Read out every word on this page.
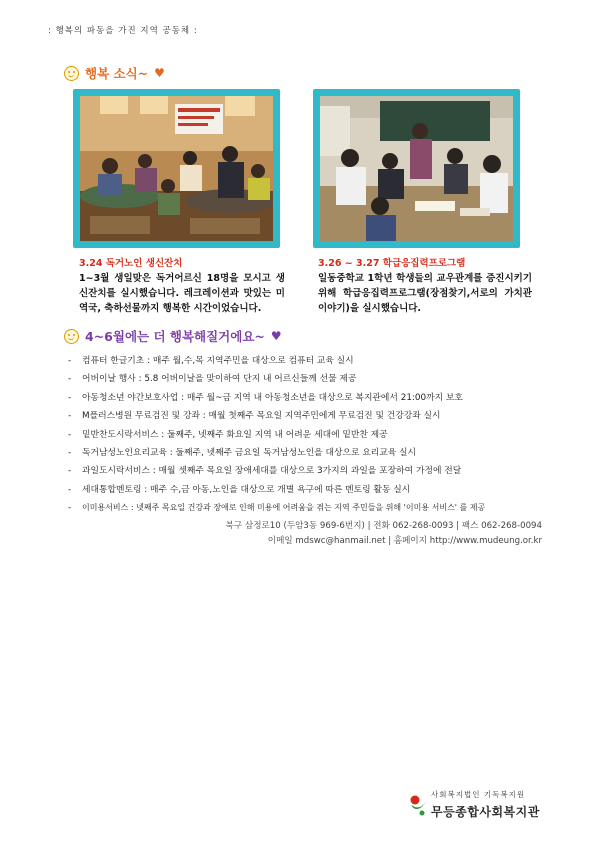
: 행복의 파동을 가진 지역 공동체 :
행복 소식~ ♥
3.24 독거노인 생신잔치
1~3월 생일맞은 독거어르신 18명을 모시고 생신잔치를 실시했습니다. 레크레이션과 맛있는 미역국, 축하선물까지 행복한 시간이었습니다.
3.26 ~ 3.27 학급응집력프로그램
일동중학교 1학년 학생들의 교우관계를 증진시키기 위해 학급응집력프로그램(장점찾기,서로의 가치관이야기)을 실시했습니다.
4~6월에는 더 행복해질거에요~ ♥
-	컴퓨터 한글기초 : 매주 월,수,목 지역주민을 대상으로 컴퓨터 교육 실시
-	어버이날 행사 : 5.8 어버이날을 맞이하여 단지 내 어르신들께 선물 제공
-	아동청소년 야간보호사업 : 매주 월~금 지역 내 아동청소년을 대상으로 복지관에서 21:00까지 보호
-	M플러스병원 무료검진 및 강좌 : 매월 첫째주 목요일 지역주민에게 무료검진 및 건강강좌 실시
-	밑반찬도시락서비스 : 둘째주, 넷째주 화요일 지역 내 어려운 세대에 밑반찬 제공
-	독거남성노인요리교육 : 둘째주, 넷째주 금요일 독거남성노인을 대상으로 요리교육 실시
-	과일도시락서비스 : 매월 셋째주 목요일 장애세대를 대상으로 3가지의 과일을 포장하여 가정에 전달
-	세대통합멘토링 : 매주 수,금 아동,노인을 대상으로 개별 욕구에 따른 멘토링 활동 실시
-	이미용서비스 : 넷째주 목요일 건강과 장애로 인해 미용에 어려움을 겪는 지역 주민들을 위해 '이미용 서비스' 를 제공
북구 삼정로10 (두암3동 969-6번지) | 전화 062-268-0093 | 팩스 062-268-0094
이메일 mdswc@hanmail.net | 홈페이지 http://www.mudeung.or.kr
사회복지법인 기독복지원
무등종합사회복지관
